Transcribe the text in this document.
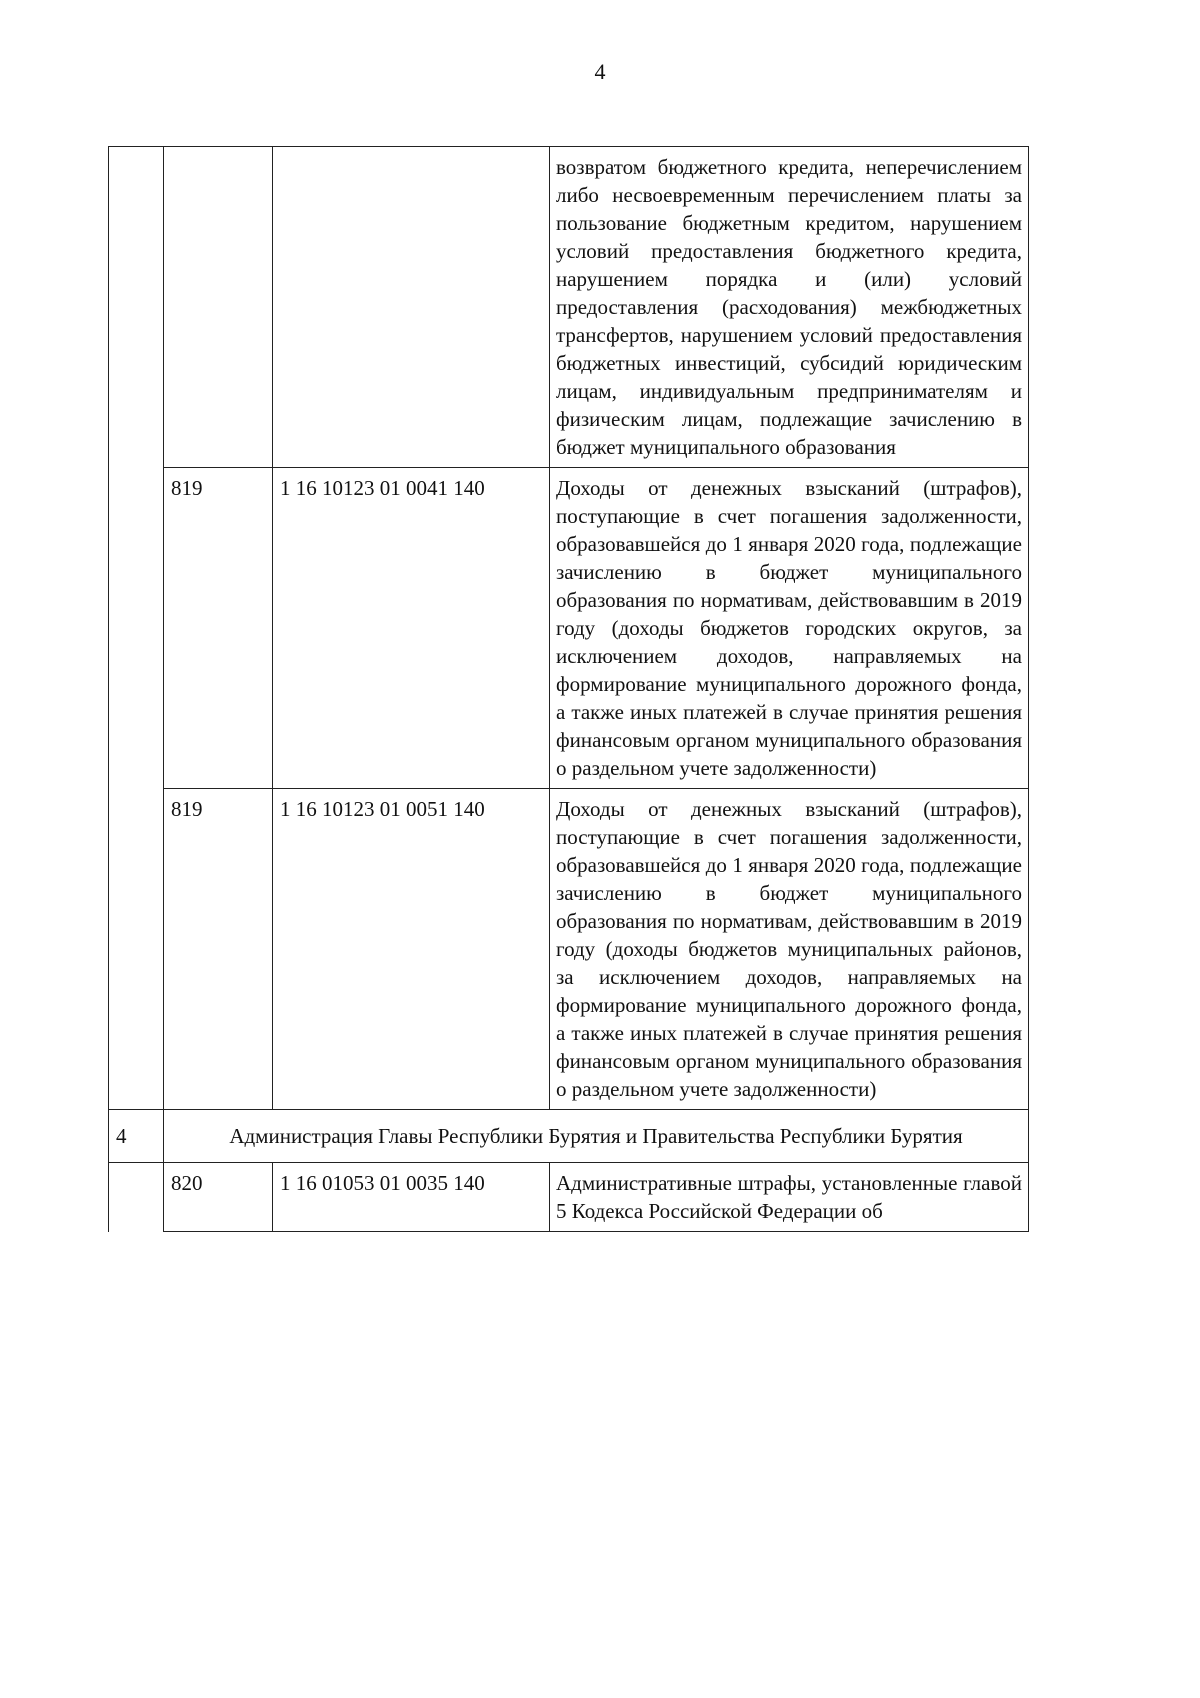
4

			возвратом бюджетного кредита, неперечислением либо несвоевременным перечислением платы за пользование бюджетным кредитом, нарушением условий предоставления бюджетного кредита, нарушением порядка и (или) условий предоставления (расходования) межбюджетных трансфертов, нарушением условий предоставления бюджетных инвестиций, субсидий юридическим лицам, индивидуальным предпринимателям и физическим лицам, подлежащие зачислению в бюджет муниципального образования

	819	1 16 10123 01 0041 140	Доходы от денежных взысканий (штрафов), поступающие в счет погашения задолженности, образовавшейся до 1 января 2020 года, подлежащие зачислению в бюджет муниципального образования по нормативам, действовавшим в 2019 году (доходы бюджетов городских округов, за исключением доходов, направляемых на формирование муниципального дорожного фонда, а также иных платежей в случае принятия решения финансовым органом муниципального образования о раздельном учете задолженности)

	819	1 16 10123 01 0051 140	Доходы от денежных взысканий (штрафов), поступающие в счет погашения задолженности, образовавшейся до 1 января 2020 года, подлежащие зачислению в бюджет муниципального образования по нормативам, действовавшим в 2019 году (доходы бюджетов муниципальных районов, за исключением доходов, направляемых на формирование муниципального дорожного фонда, а также иных платежей в случае принятия решения финансовым органом муниципального образования о раздельном учете задолженности)

4	Администрация Главы Республики Бурятия и Правительства Республики Бурятия		

	820	1 16 01053 01 0035 140	Административные штрафы, установленные главой 5 Кодекса Российской Федерации об
